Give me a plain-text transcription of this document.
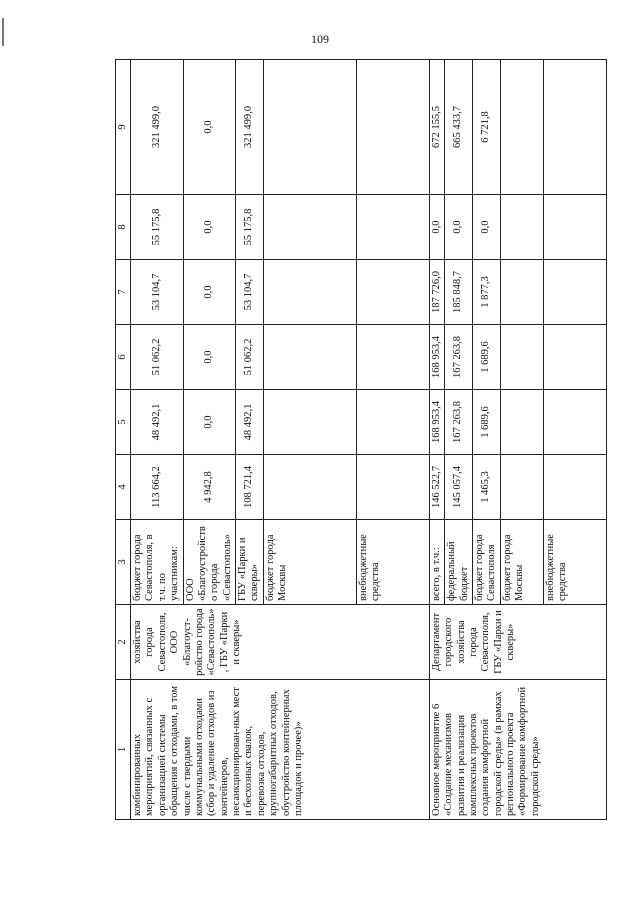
109
1	2	3	4	5	6	7	8	9
комбинированных мероприятий, связанных с организацией системы обращения с отходами, в том числе с твердыми коммунальными отходами (сбор и удаление отходов из контейнеров, несанкционирован-ных мест и бесхозных свалок, перевозка отходов, крупногабаритных отходов, обустройство контейнерных площадок и прочее)»	хозяйства города Севастополя, ООО «Благоуст-ройство города «Севастополь», ГБУ «Парки и скверы»	бюджет города Севастополя, в т.ч. по участникам:	113 664,2	48 492,1	51 062,2	53 104,7	55 175,8	321 499,0
		ООО «Благоустройство города «Севастополь»	4 942,8	0,0	0,0	0,0	0,0	0,0
		ГБУ «Парки и скверы»	108 721,4	48 492,1	51 062,2	53 104,7	55 175,8	321 499,0
		бюджет города Москвы						
		внебюджетные средства						
Основное мероприятие 6 «Создание механизмов развития и реализация комплексных проектов создания комфортной городской среды» (в рамках регионального проекта «Формирование комфортной городской среды»	Департамент городского хозяйства города Севастополя, ГБУ «Парки и скверы»	всего, в т.ч.:	146 522,7	168 953,4	168 953,4	187 726,0	0,0	672 155,5
		федеральный бюджет	145 057,4	167 263,8	167 263,8	185 848,7	0,0	665 433,7
		бюджет города Севастополя	1 465,3	1 689,6	1 689,6	1 877,3	0,0	6 721,8
		бюджет города Москвы						
		внебюджетные средства						
